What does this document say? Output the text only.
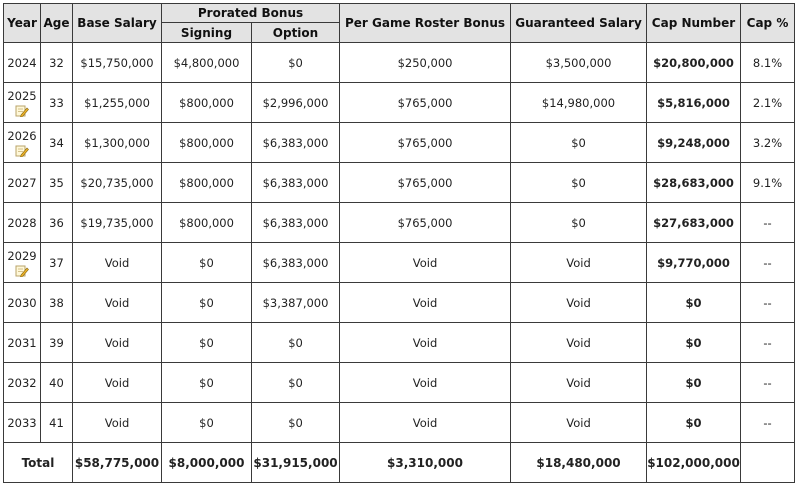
Year	Age	Base Salary	Prorated Bonus		Per Game Roster Bonus	Guaranteed Salary	Cap Number	Cap %
			Signing	Option				

2024	32	$15,750,000	$4,800,000	$0	$250,000	$3,500,000	$20,800,000	8.1%

2025	33	$1,255,000	$800,000	$2,996,000	$765,000	$14,980,000	$5,816,000	2.1%

2026	34	$1,300,000	$800,000	$6,383,000	$765,000	$0	$9,248,000	3.2%

2027	35	$20,735,000	$800,000	$6,383,000	$765,000	$0	$28,683,000	9.1%

2028	36	$19,735,000	$800,000	$6,383,000	$765,000	$0	$27,683,000	--

2029	37	Void	$0	$6,383,000	Void	Void	$9,770,000	--

2030	38	Void	$0	$3,387,000	Void	Void	$0	--

2031	39	Void	$0	$0	Void	Void	$0	--

2032	40	Void	$0	$0	Void	Void	$0	--

2033	41	Void	$0	$0	Void	Void	$0	--
Total		$58,775,000	$8,000,000	$31,915,000	$3,310,000	$18,480,000	$102,000,000	
